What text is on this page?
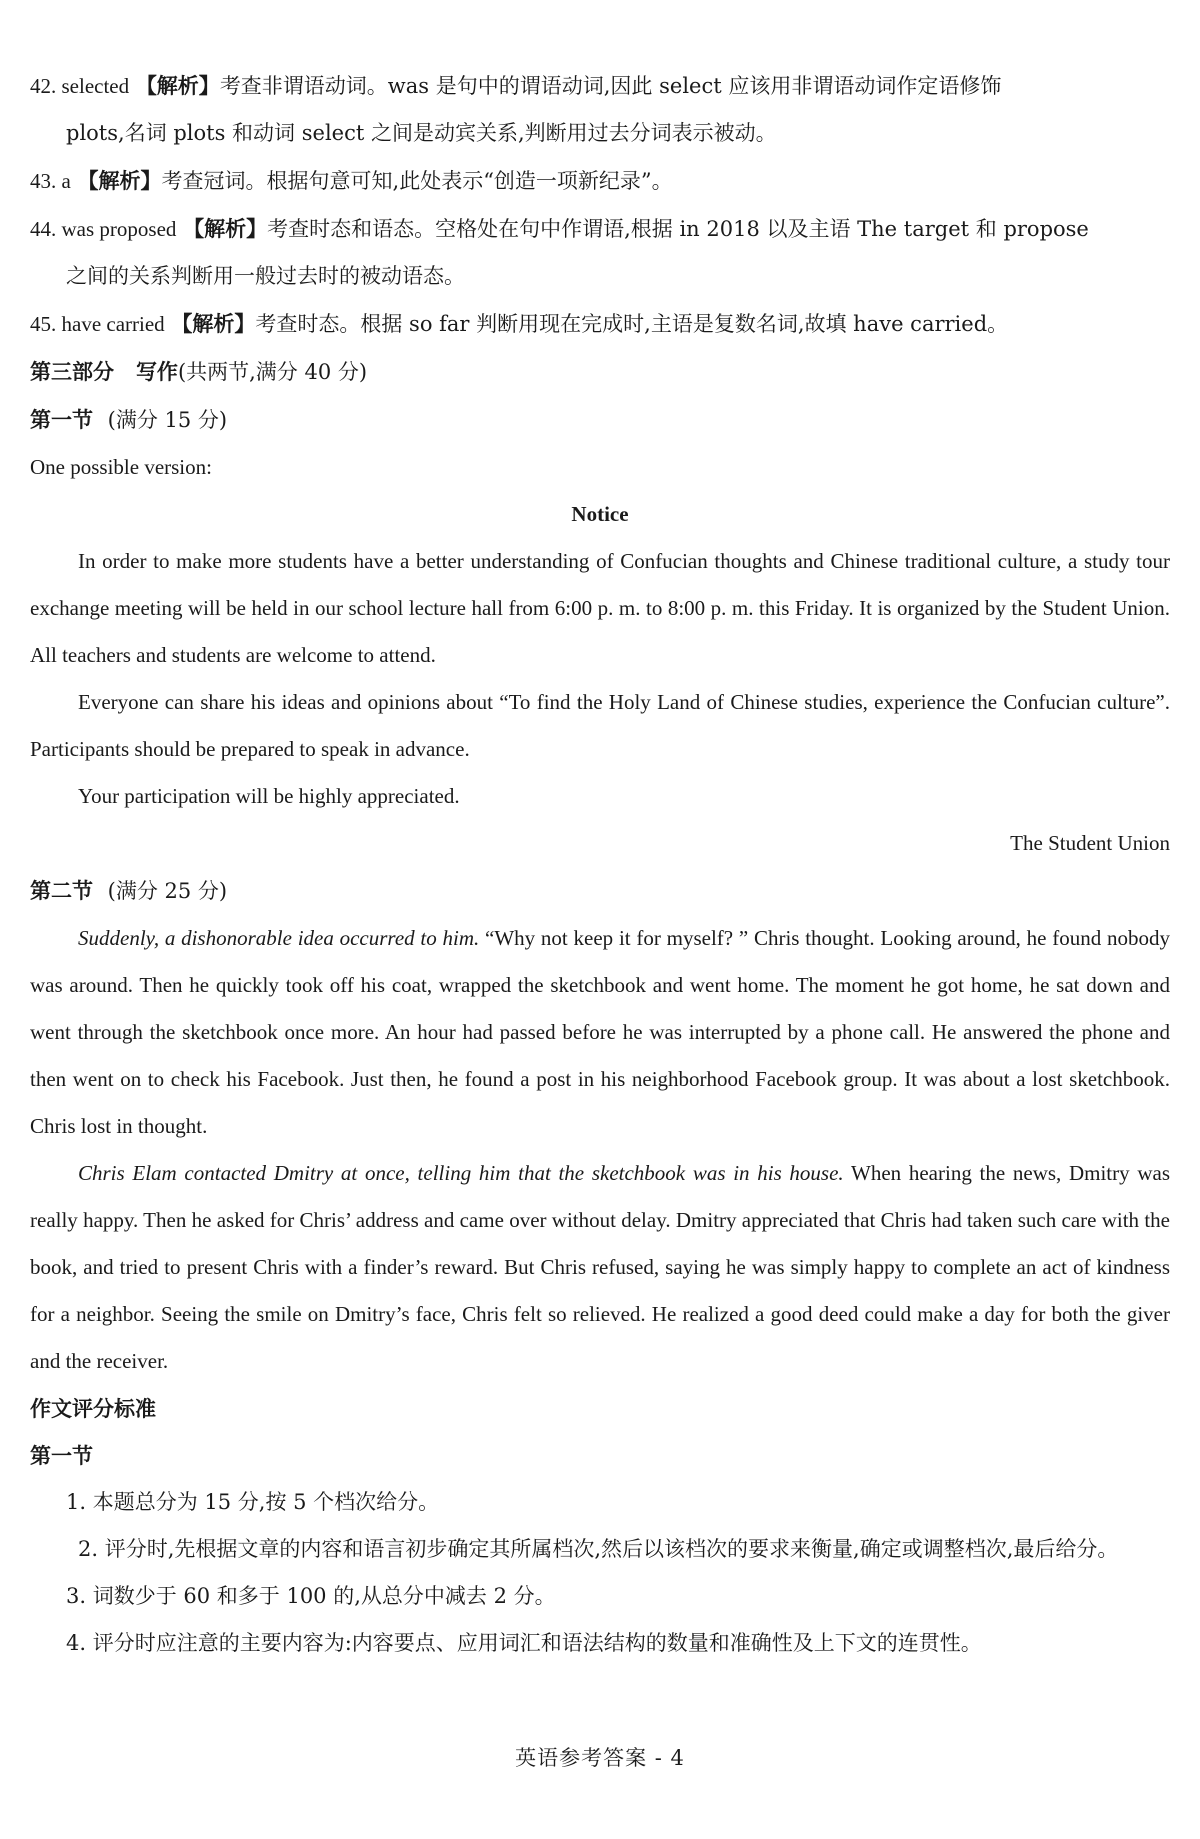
42. selected 【解析】考查非谓语动词。was 是句中的谓语动词,因此 select 应该用非谓语动词作定语修饰
plots,名词 plots 和动词 select 之间是动宾关系,判断用过去分词表示被动。
43. a 【解析】考查冠词。根据句意可知,此处表示“创造一项新纪录”。
44. was proposed 【解析】考查时态和语态。空格处在句中作谓语,根据 in 2018 以及主语 The target 和 propose
之间的关系判断用一般过去时的被动语态。
45. have carried 【解析】考查时态。根据 so far 判断用现在完成时,主语是复数名词,故填 have carried。
第三部分 写作(共两节,满分 40 分)
第一节 (满分 15 分)
One possible version:
Notice
In order to make more students have a better understanding of Confucian thoughts and Chinese traditional culture, a study tour exchange meeting will be held in our school lecture hall from 6:00 p. m. to 8:00 p. m. this Friday. It is organized by the Student Union. All teachers and students are welcome to attend.
Everyone can share his ideas and opinions about “To find the Holy Land of Chinese studies, experience the Confucian culture”. Participants should be prepared to speak in advance.
Your participation will be highly appreciated.
The Student Union
第二节 (满分 25 分)
Suddenly, a dishonorable idea occurred to him. “Why not keep it for myself? ” Chris thought. Looking around, he found nobody was around. Then he quickly took off his coat, wrapped the sketchbook and went home. The moment he got home, he sat down and went through the sketchbook once more. An hour had passed before he was interrupted by a phone call. He answered the phone and then went on to check his Facebook. Just then, he found a post in his neighborhood Facebook group. It was about a lost sketchbook. Chris lost in thought.
Chris Elam contacted Dmitry at once, telling him that the sketchbook was in his house. When hearing the news, Dmitry was really happy. Then he asked for Chris’ address and came over without delay. Dmitry appreciated that Chris had taken such care with the book, and tried to present Chris with a finder’s reward. But Chris refused, saying he was simply happy to complete an act of kindness for a neighbor. Seeing the smile on Dmitry’s face, Chris felt so relieved. He realized a good deed could make a day for both the giver and the receiver.
作文评分标准
第一节
1. 本题总分为 15 分,按 5 个档次给分。
2. 评分时,先根据文章的内容和语言初步确定其所属档次,然后以该档次的要求来衡量,确定或调整档次,最后给分。
3. 词数少于 60 和多于 100 的,从总分中减去 2 分。
4. 评分时应注意的主要内容为:内容要点、应用词汇和语法结构的数量和准确性及上下文的连贯性。
英语参考答案 - 4
